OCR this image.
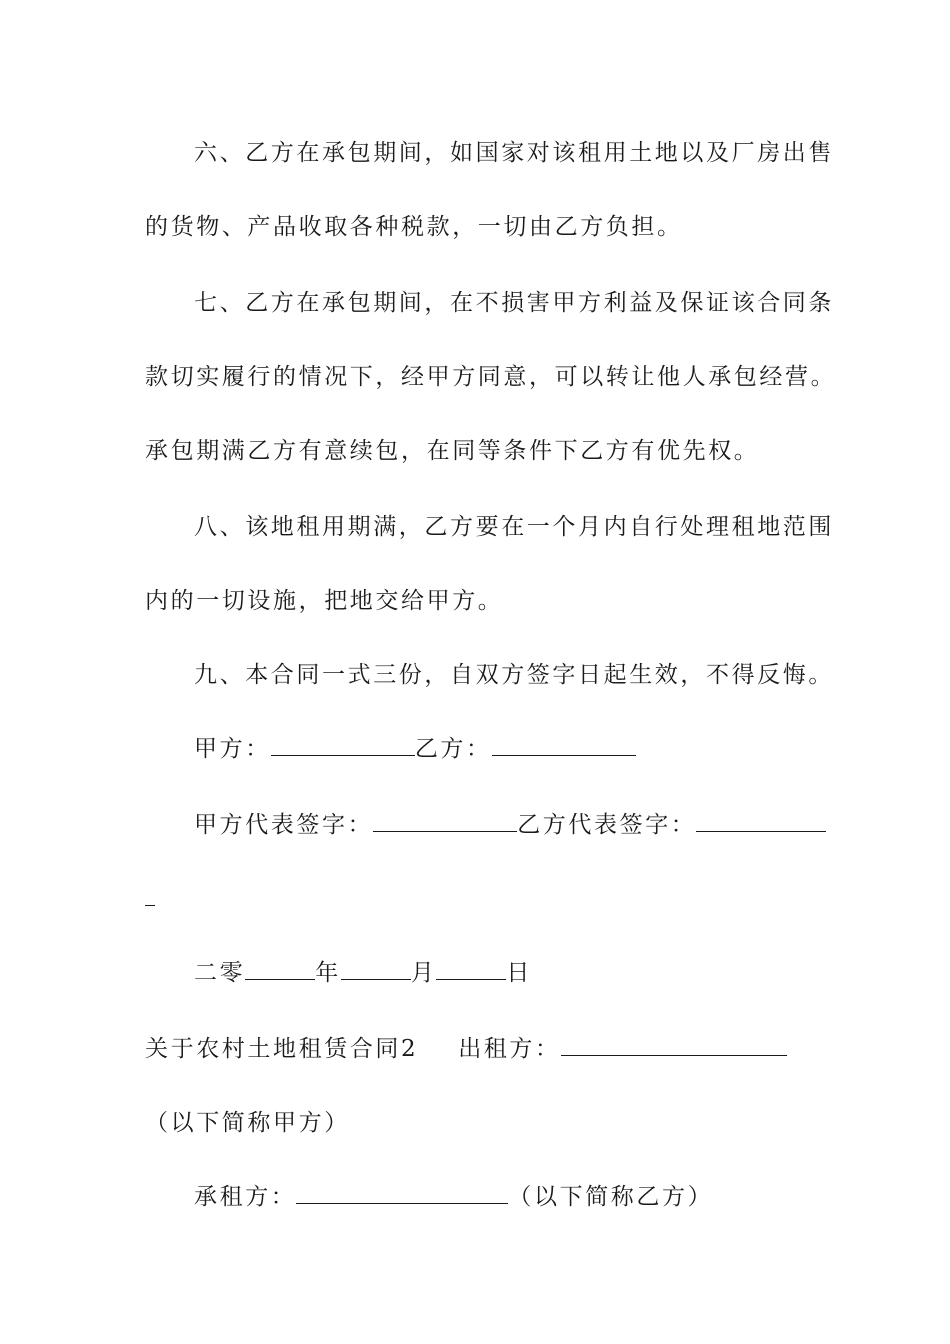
六、乙方在承包期间，如国家对该租用土地以及厂房出售
的货物、产品收取各种税款，一切由乙方负担。
七、乙方在承包期间，在不损害甲方利益及保证该合同条
款切实履行的情况下，经甲方同意，可以转让他人承包经营。
承包期满乙方有意续包，在同等条件下乙方有优先权。
八、该地租用期满，乙方要在一个月内自行处理租地范围
内的一切设施，把地交给甲方。
九、本合同一式三份，自双方签字日起生效，不得反悔。
甲方：	乙方：
甲方代表签字：	乙方代表签字：
二零	年	月	日
关于农村土地租赁合同2 出租方：
（以下简称甲方）
承租方：	（以下简称乙方）
